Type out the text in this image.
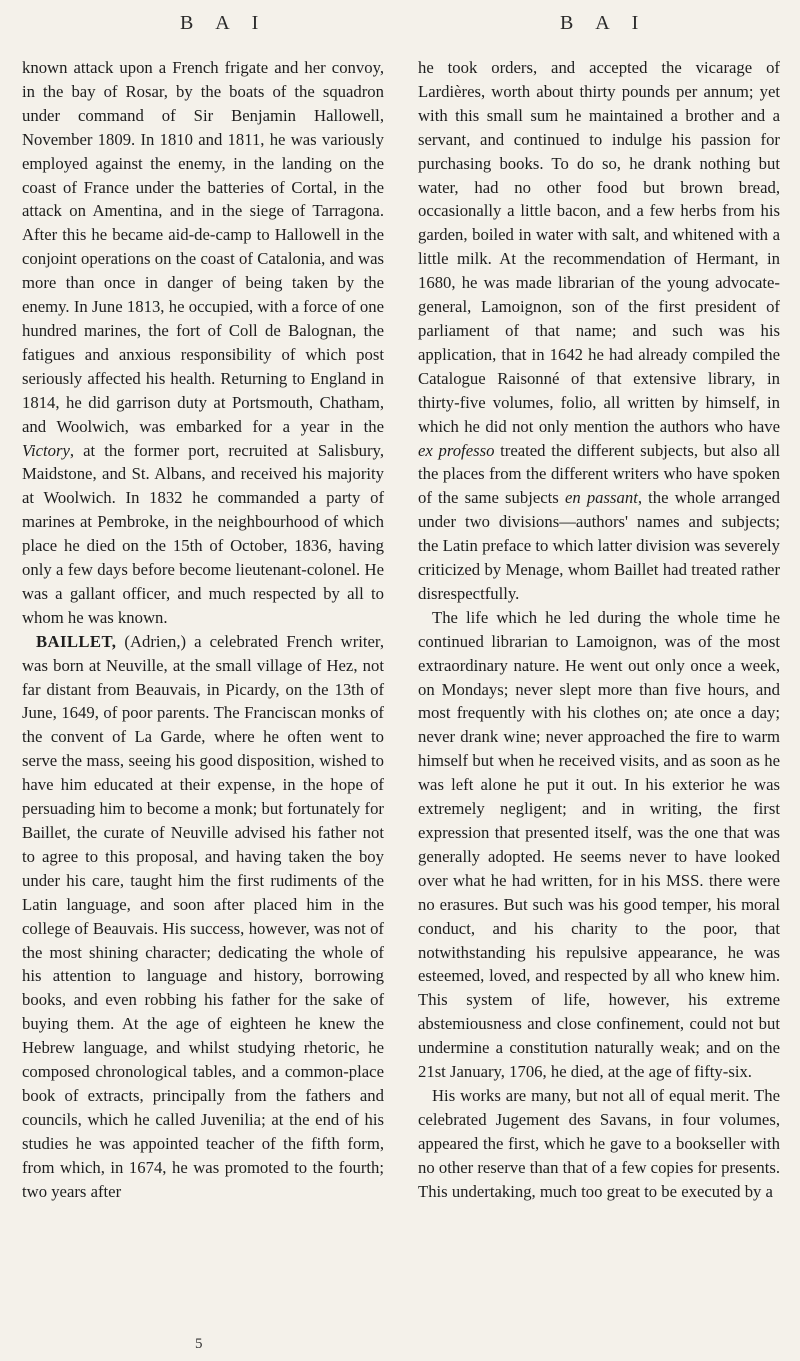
B A I	B A I

known attack upon a French frigate and her convoy, in the bay of Rosar, by the boats of the squadron under command of Sir Benjamin Hallowell, November 1809. In 1810 and 1811, he was variously employed against the enemy, in the landing on the coast of France under the batteries of Cortal, in the attack on Amentina, and in the siege of Tarragona. After this he became aid-de-camp to Hallowell in the conjoint operations on the coast of Catalonia, and was more than once in danger of being taken by the enemy. In June 1813, he occupied, with a force of one hundred marines, the fort of Coll de Balognan, the fatigues and anxious responsibility of which post seriously affected his health. Returning to England in 1814, he did garrison duty at Portsmouth, Chatham, and Woolwich, was embarked for a year in the Victory, at the former port, recruited at Salisbury, Maidstone, and St. Albans, and received his majority at Woolwich. In 1832 he commanded a party of marines at Pembroke, in the neighbourhood of which place he died on the 15th of October, 1836, having only a few days before become lieutenant-colonel. He was a gallant officer, and much respected by all to whom he was known.

BAILLET, (Adrien,) a celebrated French writer, was born at Neuville, at the small village of Hez, not far distant from Beauvais, in Picardy, on the 13th of June, 1649, of poor parents. The Franciscan monks of the convent of La Garde, where he often went to serve the mass, seeing his good disposition, wished to have him educated at their expense, in the hope of persuading him to become a monk; but fortunately for Baillet, the curate of Neuville advised his father not to agree to this proposal, and having taken the boy under his care, taught him the first rudiments of the Latin language, and soon after placed him in the college of Beauvais. His success, however, was not of the most shining character; dedicating the whole of his attention to language and history, borrowing books, and even robbing his father for the sake of buying them. At the age of eighteen he knew the Hebrew language, and whilst studying rhetoric, he composed chronological tables, and a common-place book of extracts, principally from the fathers and councils, which he called Juvenilia; at the end of his studies he was appointed teacher of the fifth form, from which, in 1674, he was promoted to the fourth; two years after

he took orders, and accepted the vicarage of Lardières, worth about thirty pounds per annum; yet with this small sum he maintained a brother and a servant, and continued to indulge his passion for purchasing books. To do so, he drank nothing but water, had no other food but brown bread, occasionally a little bacon, and a few herbs from his garden, boiled in water with salt, and whitened with a little milk. At the recommendation of Hermant, in 1680, he was made librarian of the young advocate-general, Lamoignon, son of the first president of parliament of that name; and such was his application, that in 1642 he had already compiled the Catalogue Raisonné of that extensive library, in thirty-five volumes, folio, all written by himself, in which he did not only mention the authors who have ex professo treated the different subjects, but also all the places from the different writers who have spoken of the same subjects en passant, the whole arranged under two divisions—authors' names and subjects; the Latin preface to which latter division was severely criticized by Menage, whom Baillet had treated rather disrespectfully.

The life which he led during the whole time he continued librarian to Lamoignon, was of the most extraordinary nature. He went out only once a week, on Mondays; never slept more than five hours, and most frequently with his clothes on; ate once a day; never drank wine; never approached the fire to warm himself but when he received visits, and as soon as he was left alone he put it out. In his exterior he was extremely negligent; and in writing, the first expression that presented itself, was the one that was generally adopted. He seems never to have looked over what he had written, for in his MSS. there were no erasures. But such was his good temper, his moral conduct, and his charity to the poor, that notwithstanding his repulsive appearance, he was esteemed, loved, and respected by all who knew him. This system of life, however, his extreme abstemiousness and close confinement, could not but undermine a constitution naturally weak; and on the 21st January, 1706, he died, at the age of fifty-six.

His works are many, but not all of equal merit. The celebrated Jugement des Savans, in four volumes, appeared the first, which he gave to a bookseller with no other reserve than that of a few copies for presents. This undertaking, much too great to be executed by a

5
